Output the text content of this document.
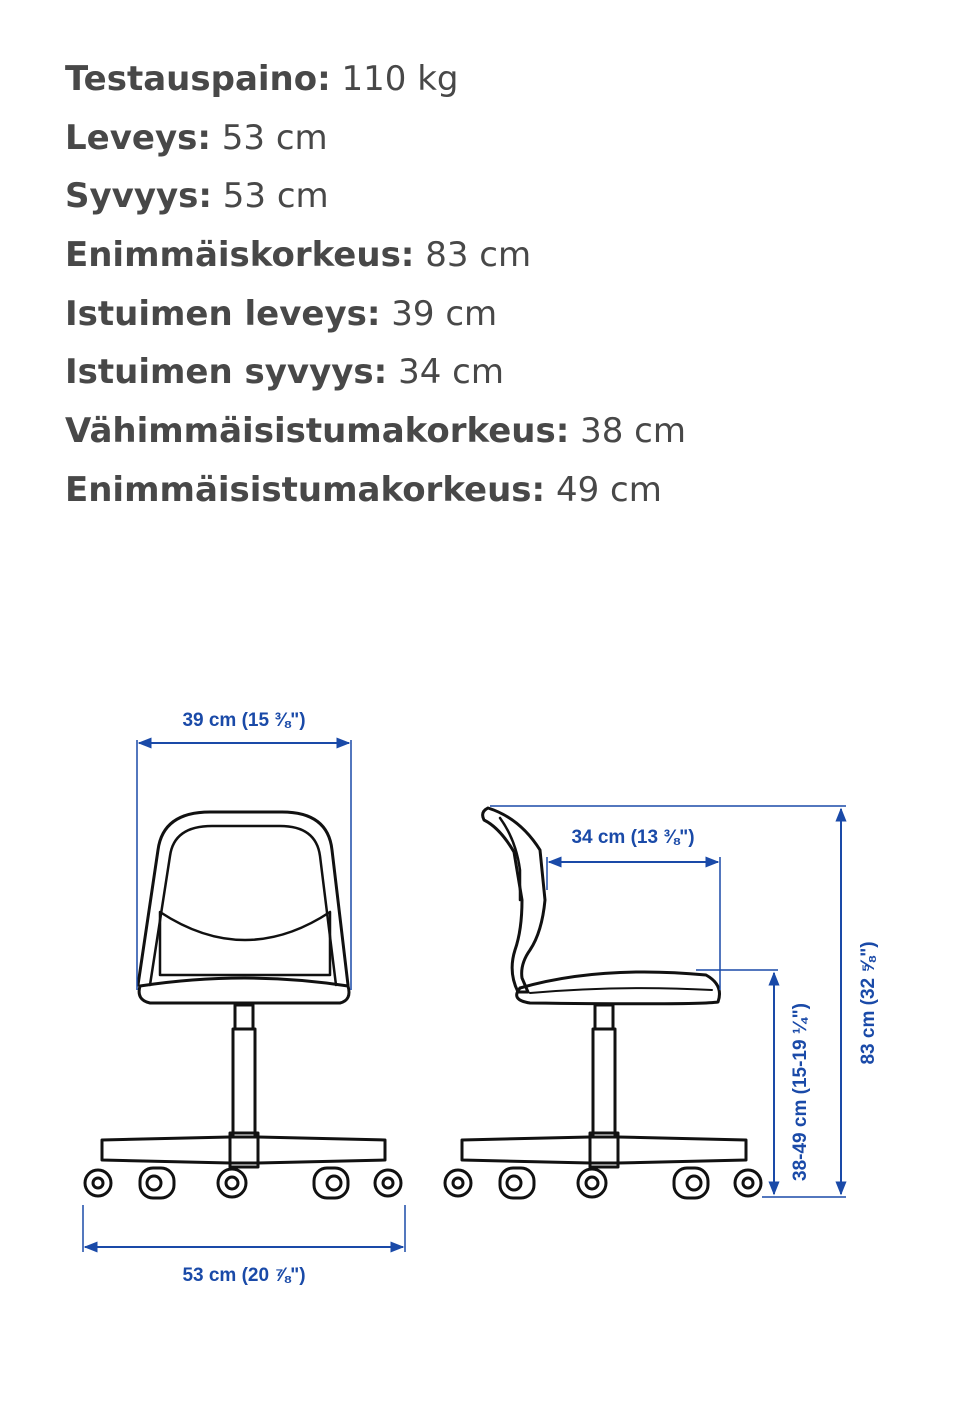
Testauspaino: 110 kg
Leveys: 53 cm
Syvyys: 53 cm
Enimmäiskorkeus: 83 cm
Istuimen leveys: 39 cm
Istuimen syvyys: 34 cm
Vähimmäisistumakorkeus: 38 cm
Enimmäisistumakorkeus: 49 cm
39 cm (15 ⅜")
53 cm (20 ⅞")
34 cm (13 ⅜")
38-49 cm (15-19 ¼") 83 cm (32 ⅝")
